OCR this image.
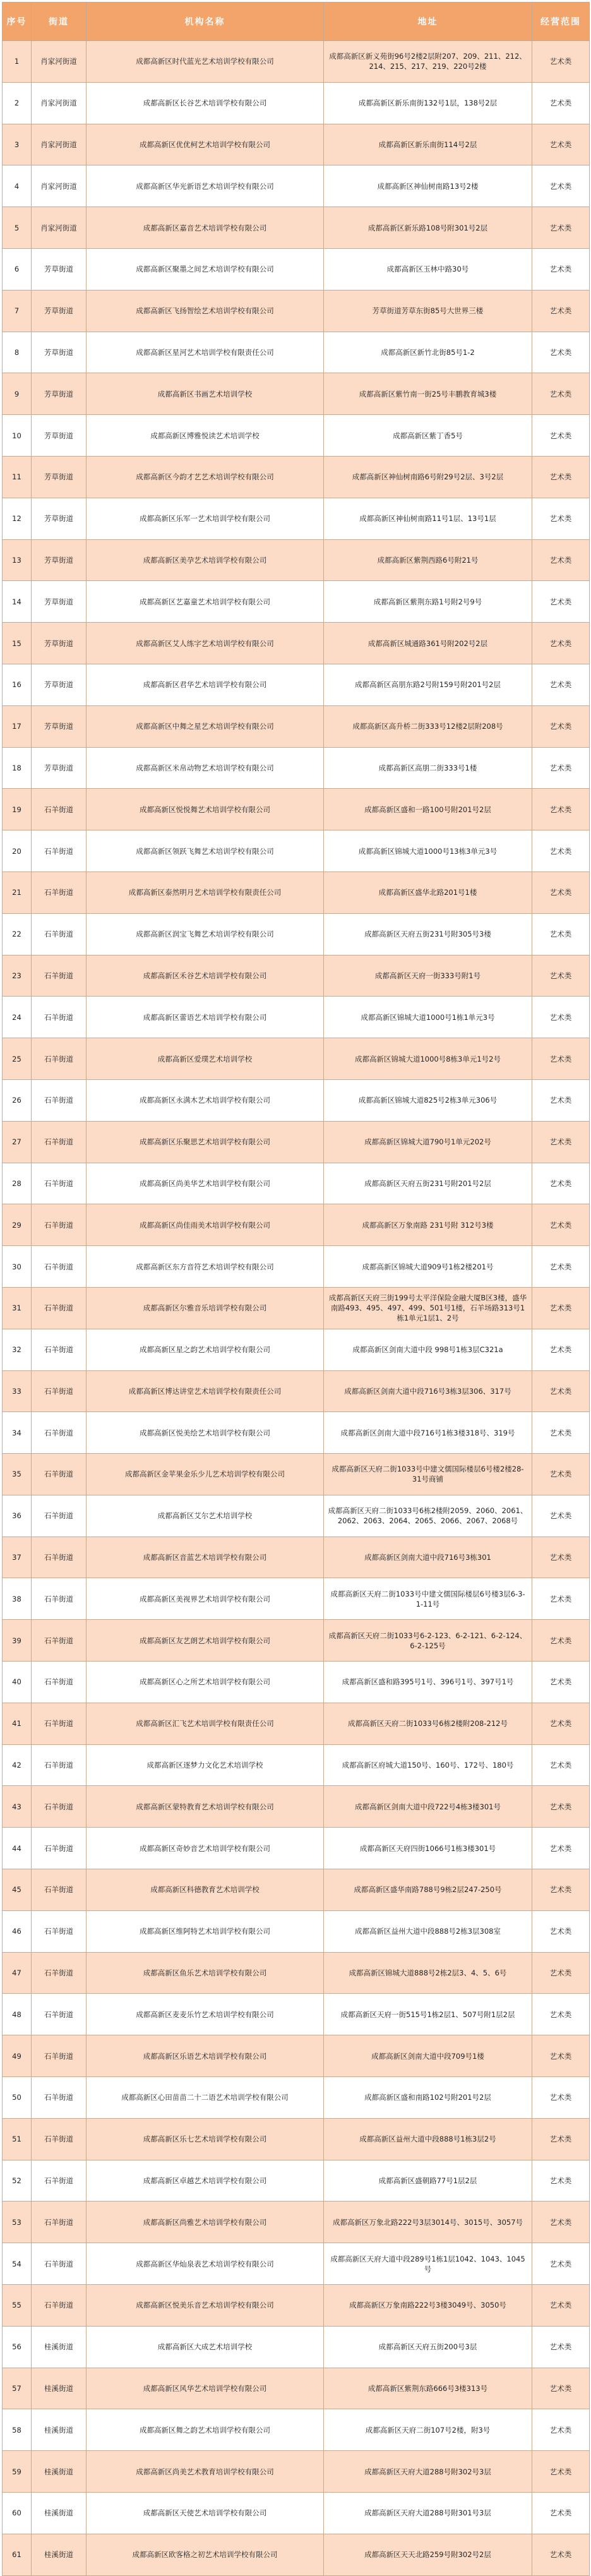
序号	街道	机构名称	地址	经营范围
1	肖家河街道	成都高新区时代蓝光艺术培训学校有限公司	成都高新区新义苑街96号2楼2层附207、209、211、212、214、215、217、219、220号2楼	艺术类
2	肖家河街道	成都高新区长谷艺术培训学校有限公司	成都高新区新乐南街132号1层，138号2层	艺术类
3	肖家河街道	成都高新区优优柯艺术培训学校有限公司	成都高新区新乐南街114号2层	艺术类
4	肖家河街道	成都高新区华光新语艺术培训学校有限公司	成都高新区神仙树南路13号2楼	艺术类
5	肖家河街道	成都高新区嘉音艺术培训学校有限公司	成都高新区新乐路108号附301号2层	艺术类
6	芳草街道	成都高新区聚墨之间艺术培训学校有限公司	成都高新区玉林中路30号	艺术类
7	芳草街道	成都高新区飞扬智绘艺术培训学校有限公司	芳草街道芳草东街85号大世界三楼	艺术类
8	芳草街道	成都高新区星河艺术培训学校有限责任公司	成都高新区新竹北街85号1-2	艺术类
9	芳草街道	成都高新区书画艺术培训学校	成都高新区紫竹南一街25号丰鹏教育城3楼	艺术类
10	芳草街道	成都高新区博雅悦读艺术培训学校	成都高新区紫丁香5号	艺术类
11	芳草街道	成都高新区今韵才艺艺术培训学校有限公司	成都高新区神仙树南路6号附29号2层、3号2层	艺术类
12	芳草街道	成都高新区乐军一艺术培训学校有限公司	成都高新区神仙树南路11号1层、13号1层	艺术类
13	芳草街道	成都高新区美孕艺术培训学校有限公司	成都高新区紫荆西路6号附21号	艺术类
14	芳草街道	成都高新区艺嘉童艺术培训学校有限公司	成都高新区紫荆东路1号附2号9号	艺术类
15	芳草街道	成都高新区艾人练字艺术培训学校有限公司	成都高新区城通路361号附202号2层	艺术类
16	芳草街道	成都高新区君华艺术培训学校有限公司	成都高新区高朋东路2号附159号附201号2层	艺术类
17	芳草街道	成都高新区中舞之星艺术培训学校有限公司	成都高新区高升桥二街333号12楼2层附208号	艺术类
18	芳草街道	成都高新区米帛动物艺术培训学校有限公司	成都高新区高朋二街333号1楼	艺术类
19	石羊街道	成都高新区悦悦舞艺术培训学校有限公司	成都高新区盛和一路100号附201号2层	艺术类
20	石羊街道	成都高新区领跃飞舞艺术培训学校有限公司	成都高新区锦城大道1000号13栋3单元3号	艺术类
21	石羊街道	成都高新区泰然明月艺术培训学校有限责任公司	成都高新区盛华北路201号1楼	艺术类
22	石羊街道	成都高新区润宝飞舞艺术培训学校有限公司	成都高新区天府五街231号附305号3楼	艺术类
23	石羊街道	成都高新区禾谷艺术培训学校有限公司	成都高新区天府一街333号附1号	艺术类
24	石羊街道	成都高新区蕾语艺术培训学校有限公司	成都高新区锦城大道1000号1栋1单元3号	艺术类
25	石羊街道	成都高新区爱璞艺术培训学校	成都高新区锦城大道1000号8栋3单元1号2号	艺术类
26	石羊街道	成都高新区永满木艺术培训学校有限公司	成都高新区锦城大道825号2栋3单元306号	艺术类
27	石羊街道	成都高新区乐聚思艺术培训学校有限公司	成都高新区锦城大道790号1单元202号	艺术类
28	石羊街道	成都高新区尚美华艺术培训学校有限公司	成都高新区天府五街231号附201号2层	艺术类
29	石羊街道	成都高新区尚佳雨美术培训学校有限公司	成都高新区万象南路 231号附 312号3楼	艺术类
30	石羊街道	成都高新区东方音符艺术培训学校有限公司	成都高新区锦城大道909号1栋2楼201号	艺术类
31	石羊街道	成都高新区尔雅音乐培训学校有限公司	成都高新区天府三街199号太平洋保险金融大厦B区3楼，盛华南路493、495、497、499、501号1楼，石羊场路313号1栋1单元1层1、2号	艺术类
32	石羊街道	成都高新区星之韵艺术培训学校有限公司	成都高新区剑南大道中段 998号1栋3层C321a	艺术类
33	石羊街道	成都高新区博达讲堂艺术培训学校有限责任公司	成都高新区剑南大道中段716号3栋3层306、317号	艺术类
34	石羊街道	成都高新区悦美绘艺术培训学校有限公司	成都高新区剑南大道中段716号1栋3楼318号、319号	艺术类
35	石羊街道	成都高新区金苹果金乐少儿艺术培训学校有限公司	成都高新区天府二街1033号中建文儒国际楼层6号楼2楼28-31号商铺	艺术类
36	石羊街道	成都高新区艾尔艺术培训学校	成都高新区天府二街1033号6栋2楼附2059、2060、2061、2062、2063、2064、2065、2066、2067、2068号	艺术类
37	石羊街道	成都高新区音蓝艺术培训学校有限公司	成都高新区剑南大道中段716号3栋301	艺术类
38	石羊街道	成都高新区美视界艺术培训学校有限公司	成都高新区天府二街1033号中建文儒国际楼层6号楼3层6-3-1-11号	艺术类
39	石羊街道	成都高新区友艺朗艺术培训学校有限公司	成都高新区天府二街1033号6-2-123、6-2-121、6-2-124、6-2-125号	艺术类
40	石羊街道	成都高新区心之所艺术培训学校有限公司	成都高新区盛和路395号1号、396号1号、397号1号	艺术类
41	石羊街道	成都高新区汇飞艺术培训学校有限责任公司	成都高新区天府二街1033号6栋2楼附208-212号	艺术类
42	石羊街道	成都高新区逐梦力文化艺术培训学校	成都高新区府城大道150号、160号、172号、180号	艺术类
43	石羊街道	成都高新区蒙特教育艺术培训学校有限公司	成都高新区剑南大道中段722号4栋3楼301号	艺术类
44	石羊街道	成都高新区奇妙音艺术培训学校有限公司	成都高新区天府四街1066号1栋3楼301号	艺术类
45	石羊街道	成都高新区科德教育艺术培训学校	成都高新区盛华南路788号9栋2层247-250号	艺术类
46	石羊街道	成都高新区维阿特艺术培训学校有限公司	成都高新区益州大道中段888号2栋3层308室	艺术类
47	石羊街道	成都高新区鱼乐艺术培训学校有限公司	成都高新区锦城大道888号2栋2层3、4、5、6号	艺术类
48	石羊街道	成都高新区麦麦乐竹艺术培训学校有限公司	成都高新区天府一街515号1栋2层1、507号附1层2层	艺术类
49	石羊街道	成都高新区乐语艺术培训学校有限公司	成都高新区剑南大道中段709号1楼	艺术类
50	石羊街道	成都高新区心田苗苗二十二语艺术培训学校有限公司	成都高新区盛和南路102号附201号2层	艺术类
51	石羊街道	成都高新区乐七艺术培训学校有限公司	成都高新区益州大道中段888号1栋3层2号	艺术类
52	石羊街道	成都高新区卓越艺术培训学校有限公司	成都高新区盛朝路77号1层2层	艺术类
53	石羊街道	成都高新区尚雅艺术培训学校有限公司	成都高新区万象北路222号3层3014号、3015号、3057号	艺术类
54	石羊街道	成都高新区华灿泉表艺术培训学校有限公司	成都高新区天府大道中段289号1栋1层1042、1043、1045号	艺术类
55	石羊街道	成都高新区悦美乐音艺术培训学校有限公司	成都高新区万象南路222号3楼3049号、3050号	艺术类
56	桂溪街道	成都高新区大成艺术培训学校	成都高新区天府五街200号3层	艺术类
57	桂溪街道	成都高新区风华艺术培训学校有限公司	成都高新区紫荆东路666号3楼313号	艺术类
58	桂溪街道	成都高新区舞之韵艺术培训学校有限公司	成都高新区天府二街107号2楼，附3号	艺术类
59	桂溪街道	成都高新区尚美艺术教育培训学校有限公司	成都高新区天府大道288号附302号3层	艺术类
60	桂溪街道	成都高新区天使艺术培训学校有限公司	成都高新区天府大道288号附301号3层	艺术类
61	桂溪街道	成都高新区欧客格之初艺术培训学校有限公司	成都高新区天天北路259号附302号2层	艺术类
